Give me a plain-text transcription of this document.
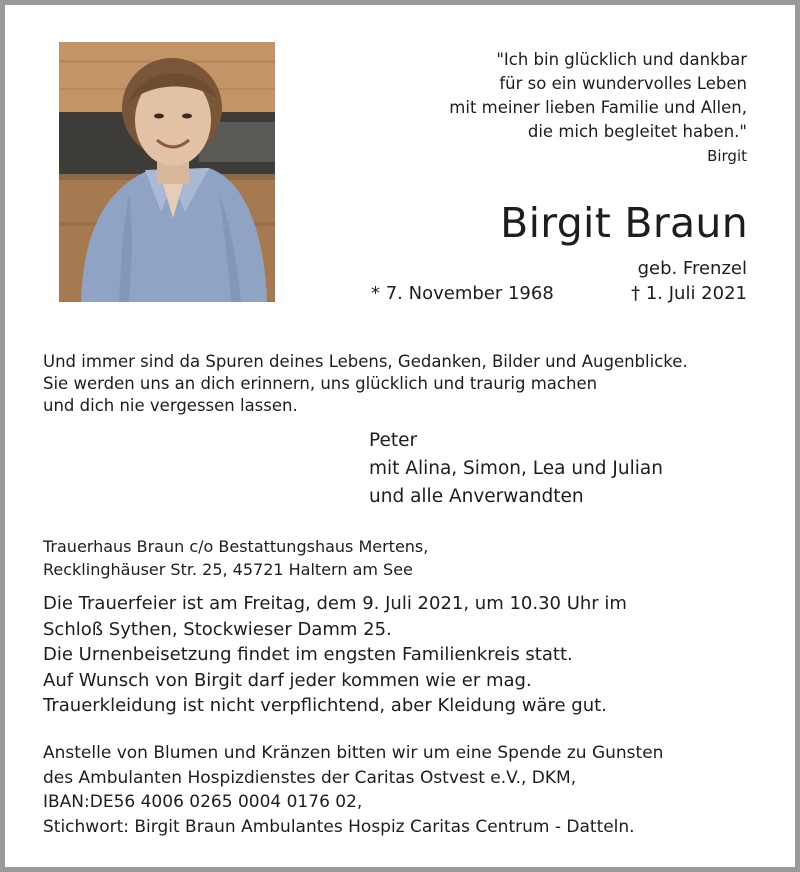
"Ich bin glücklich und dankbar
für so ein wundervolles Leben
mit meiner lieben Familie und Allen,
die mich begleitet haben."
Birgit
Birgit Braun
geb. Frenzel
* 7. November 1968	† 1. Juli 2021
Und immer sind da Spuren deines Lebens, Gedanken, Bilder und Augenblicke.
Sie werden uns an dich erinnern, uns glücklich und traurig machen
und dich nie vergessen lassen.
Peter
mit Alina, Simon, Lea und Julian
und alle Anverwandten
Trauerhaus Braun c/o Bestattungshaus Mertens,
Recklinghäuser Str. 25, 45721 Haltern am See
Die Trauerfeier ist am Freitag, dem 9. Juli 2021, um 10.30 Uhr im
Schloß Sythen, Stockwieser Damm 25.
Die Urnenbeisetzung findet im engsten Familienkreis statt.
Auf Wunsch von Birgit darf jeder kommen wie er mag.
Trauerkleidung ist nicht verpflichtend, aber Kleidung wäre gut.
Anstelle von Blumen und Kränzen bitten wir um eine Spende zu Gunsten
des Ambulanten Hospizdienstes der Caritas Ostvest e.V., DKM,
IBAN:DE56 4006 0265 0004 0176 02,
Stichwort: Birgit Braun Ambulantes Hospiz Caritas Centrum - Datteln.
